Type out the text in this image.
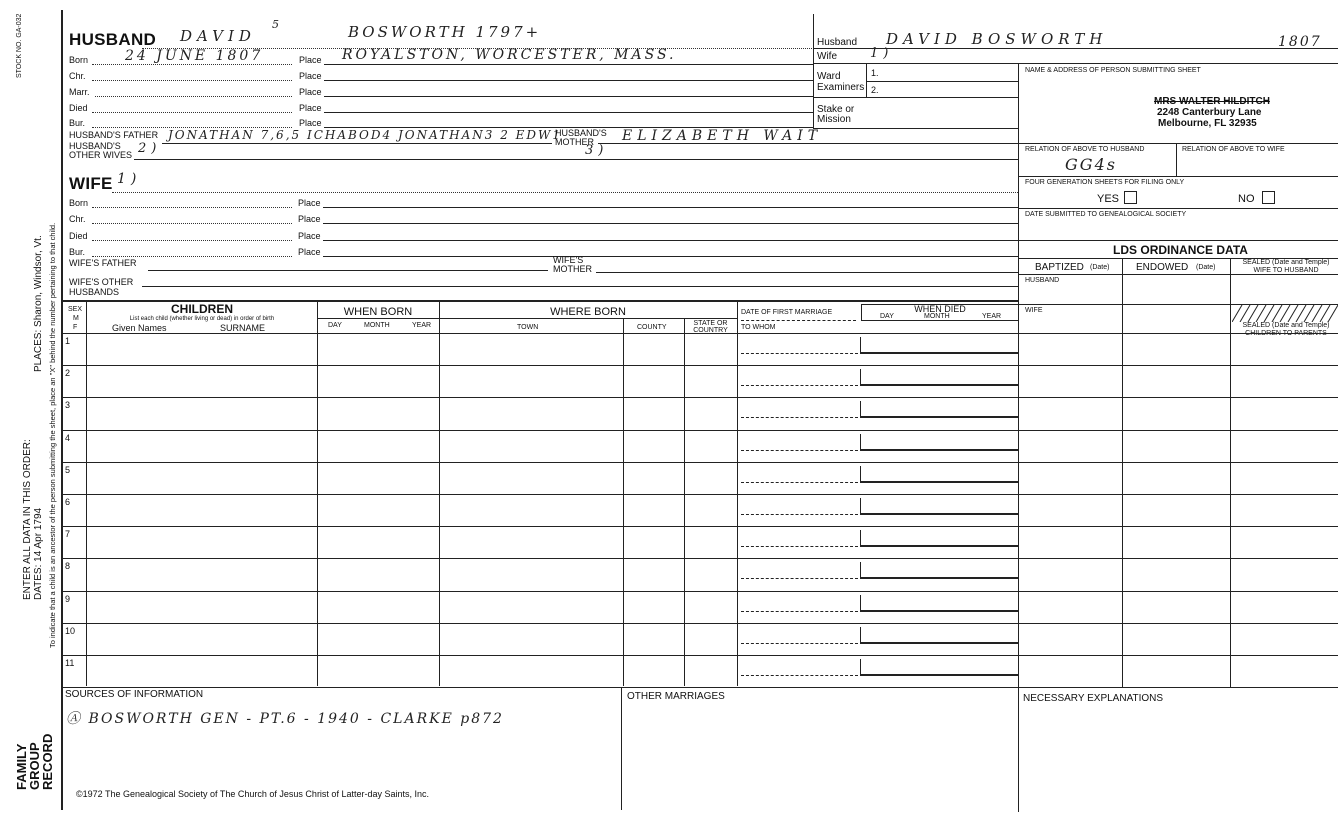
STOCK NO. GA-032
PLACES: Sharon, Windsor, Vt.
ENTER ALL DATA IN THIS ORDER: DATES: 14 Apr 1794 To indicate that a child is an ancestor of the person submitting the sheet, place an "X" behind the number pertaining to that child.
FAMILY
GROUP
RECORD
HUSBAND DAVID
5	BOSWORTH 1797+
Born	24 JUNE 1807	Place ROYALSTON, WORCESTER, MASS.
Chr.	Place
Marr.	Place
Died	Place
Bur.	Place
HUSBAND'S FATHER JONATHAN 7,6,5 ICHABOD4 JONATHAN3 2 EDW1
HUSBAND'S
MOTHER ELIZABETH WAIT
HUSBAND'S
OTHER WIVES 2)	3)
WIFE 1)
Born	Place
Chr.	Place
Died	Place
Bur.	Place
WIFE'S FATHER	WIFE'S
MOTHER
WIFE'S OTHER
HUSBANDS
Husband DAVID BOSWORTH	1807
Wife	1)
Ward
Examiners
1.
2.
Stake or
Mission
NAME & ADDRESS OF PERSON SUBMITTING SHEET
MRS WALTER HILDITCH
2248 Canterbury Lane
Melbourne, FL 32935
RELATION OF ABOVE TO HUSBAND	RELATION OF ABOVE TO WIFE
GG4s
FOUR GENERATION SHEETS FOR FILING ONLY
YES	NO
DATE SUBMITTED TO GENEALOGICAL SOCIETY
LDS ORDINANCE DATA
BAPTIZED (Date)	ENDOWED (Date)
SEALED (Date and Temple)
WIFE TO HUSBAND
HUSBAND
WIFE
SEALED (Date and Temple)
CHILDREN TO PARENTS
SEX
M
F
CHILDREN
List each child (whether living or dead) in order of birth
Given Names	SURNAME
WHEN BORN
DAY	MONTH	YEAR
WHERE BORN
TOWN	COUNTY
STATE OR
COUNTRY
DATE OF FIRST MARRIAGE
TO WHOM
DAY	MONTH	YEAR
WHEN DIED
1
2
3
4
5
6
7
8
9
10
11
SOURCES OF INFORMATION
Ⓐ BOSWORTH GEN - PT.6 - 1940 - CLARKE p872
OTHER MARRIAGES	NECESSARY EXPLANATIONS
©1972 The Genealogical Society of The Church of Jesus Christ of Latter-day Saints, Inc.
